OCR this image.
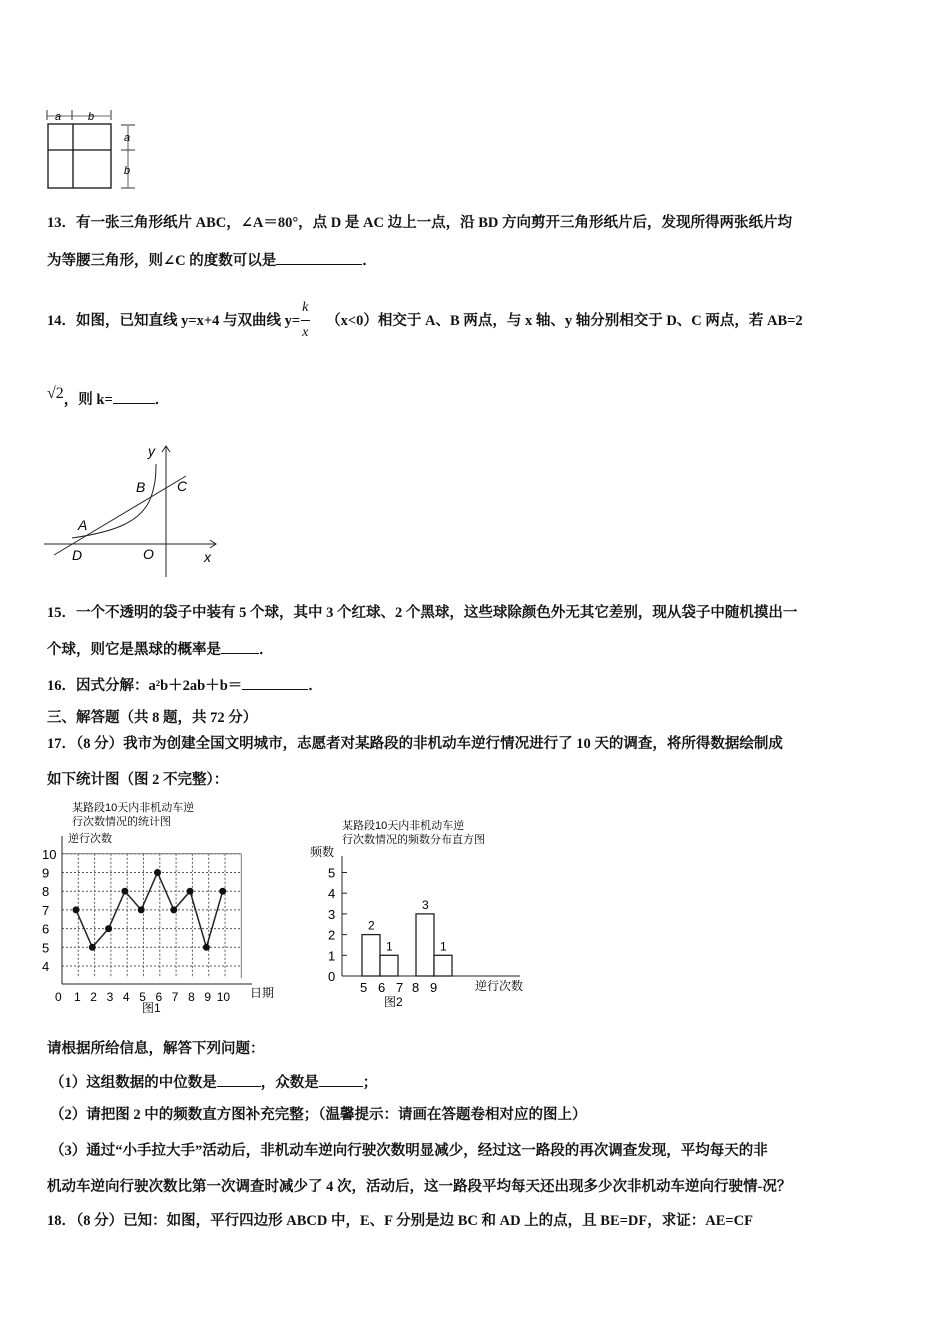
a b
a
b
13．有一张三角形纸片 ABC，∠A＝80°，点 D 是 AC 边上一点，沿 BD 方向剪开三角形纸片后，发现所得两张纸片均
为等腰三角形，则∠C 的度数可以是	．
14．如图，已知直线 y=x+4 与双曲线 y=
$\frac{k}{x}$
（x<0）相交于 A、B 两点，与 x 轴、y 轴分别相交于 D、C 两点，若 AB=2
√2，则 k=	．
y
B C
A
D	O	x
15．一个不透明的袋子中装有 5 个球，其中 3 个红球、2 个黑球，这些球除颜色外无其它差别，现从袋子中随机摸出一
个球，则它是黑球的概率是	．
16．因式分解：a²b＋2ab＋b＝	．
三、解答题（共 8 题，共 72 分）
17．（8 分）我市为创建全国文明城市，志愿者对某路段的非机动车逆行情况进行了 10 天的调查，将所得数据绘制成
如下统计图（图 2 不完整）：
某路段10天内非机动车逆
行次数情况的统计图
逆行次数
日期
图1
4
5
6
7
8
9
10
0 1 2 3 4 5 6 7 8 9 10
某路段10天内非机动车逆
行次数情况的频数分布直方图
频数
0
1
2
3
4
5
5 6 7 8 9
2
1
3
1
逆行次数
图2
请根据所给信息，解答下列问题：
（1）这组数据的中位数是	，众数是	；
（2）请把图 2 中的频数直方图补充完整；（温馨提示：请画在答题卷相对应的图上）
（3）通过“小手拉大手”活动后，非机动车逆向行驶次数明显减少，经过这一路段的再次调查发现，平均每天的非
机动车逆向行驶次数比第一次调查时减少了 4 次，活动后，这一路段平均每天还出现多少次非机动车逆向行驶情-况？
18．（8 分）已知：如图，平行四边形 ABCD 中，E、F 分别是边 BC 和 AD 上的点，且 BE=DF，求证：AE=CF
